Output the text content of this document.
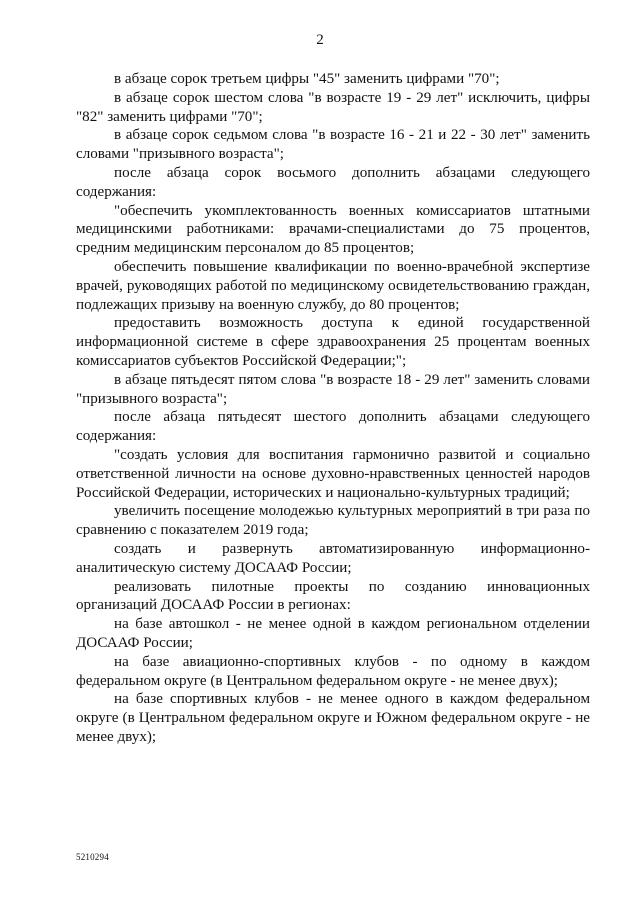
2

в абзаце сорок третьем цифры "45" заменить цифрами "70";

в абзаце сорок шестом слова "в возрасте 19 - 29 лет" исключить, цифры "82" заменить цифрами "70";

в абзаце сорок седьмом слова "в возрасте 16 - 21 и 22 - 30 лет" заменить словами "призывного возраста";

после абзаца сорок восьмого дополнить абзацами следующего содержания:

"обеспечить укомплектованность военных комиссариатов штатными медицинскими работниками: врачами-специалистами до 75 процентов, средним медицинским персоналом до 85 процентов;

обеспечить повышение квалификации по военно-врачебной экспертизе врачей, руководящих работой по медицинскому освидетельствованию граждан, подлежащих призыву на военную службу, до 80 процентов;

предоставить возможность доступа к единой государственной информационной системе в сфере здравоохранения 25 процентам военных комиссариатов субъектов Российской Федерации;";

в абзаце пятьдесят пятом слова "в возрасте 18 - 29 лет" заменить словами "призывного возраста";

после абзаца пятьдесят шестого дополнить абзацами следующего содержания:

"создать условия для воспитания гармонично развитой и социально ответственной личности на основе духовно-нравственных ценностей народов Российской Федерации, исторических и национально-культурных традиций;

увеличить посещение молодежью культурных мероприятий в три раза по сравнению с показателем 2019 года;

создать и развернуть автоматизированную информационно-аналитическую систему ДОСААФ России;

реализовать пилотные проекты по созданию инновационных организаций ДОСААФ России в регионах:

на базе автошкол - не менее одной в каждом региональном отделении ДОСААФ России;

на базе авиационно-спортивных клубов - по одному в каждом федеральном округе (в Центральном федеральном округе - не менее двух);

на базе спортивных клубов - не менее одного в каждом федеральном округе (в Центральном федеральном округе и Южном федеральном округе - не менее двух);

5210294
